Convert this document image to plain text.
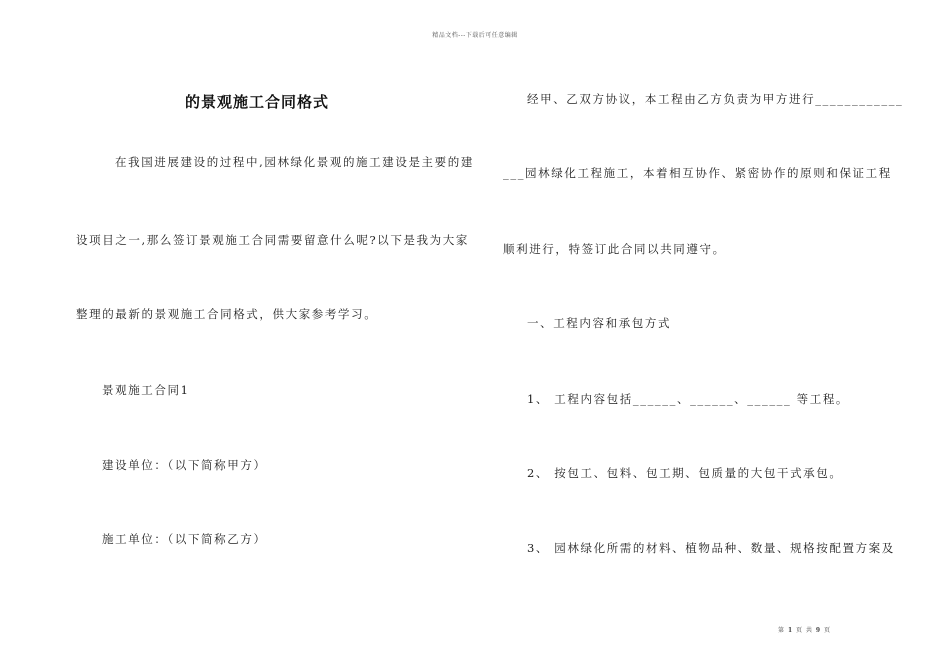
精品文档---下载后可任意编辑
的景观施工合同格式
在我国进展建设的过程中,园林绿化景观的施工建设是主要的建
设项目之一,那么签订景观施工合同需要留意什么呢?以下是我为大家
整理的最新的景观施工合同格式，供大家参考学习。
景观施工合同1
建设单位：（以下简称甲方）
施工单位：（以下简称乙方）
经甲、乙双方协议，本工程由乙方负责为甲方进行____________
___园林绿化工程施工，本着相互协作、紧密协作的原则和保证工程
顺利进行，特签订此合同以共同遵守。
一、工程内容和承包方式
1、 工程内容包括______、______、______ 等工程。
2、 按包工、包料、包工期、包质量的大包干式承包。
3、 园林绿化所需的材料、植物品种、数量、规格按配置方案及
第 1 页 共 9 页
